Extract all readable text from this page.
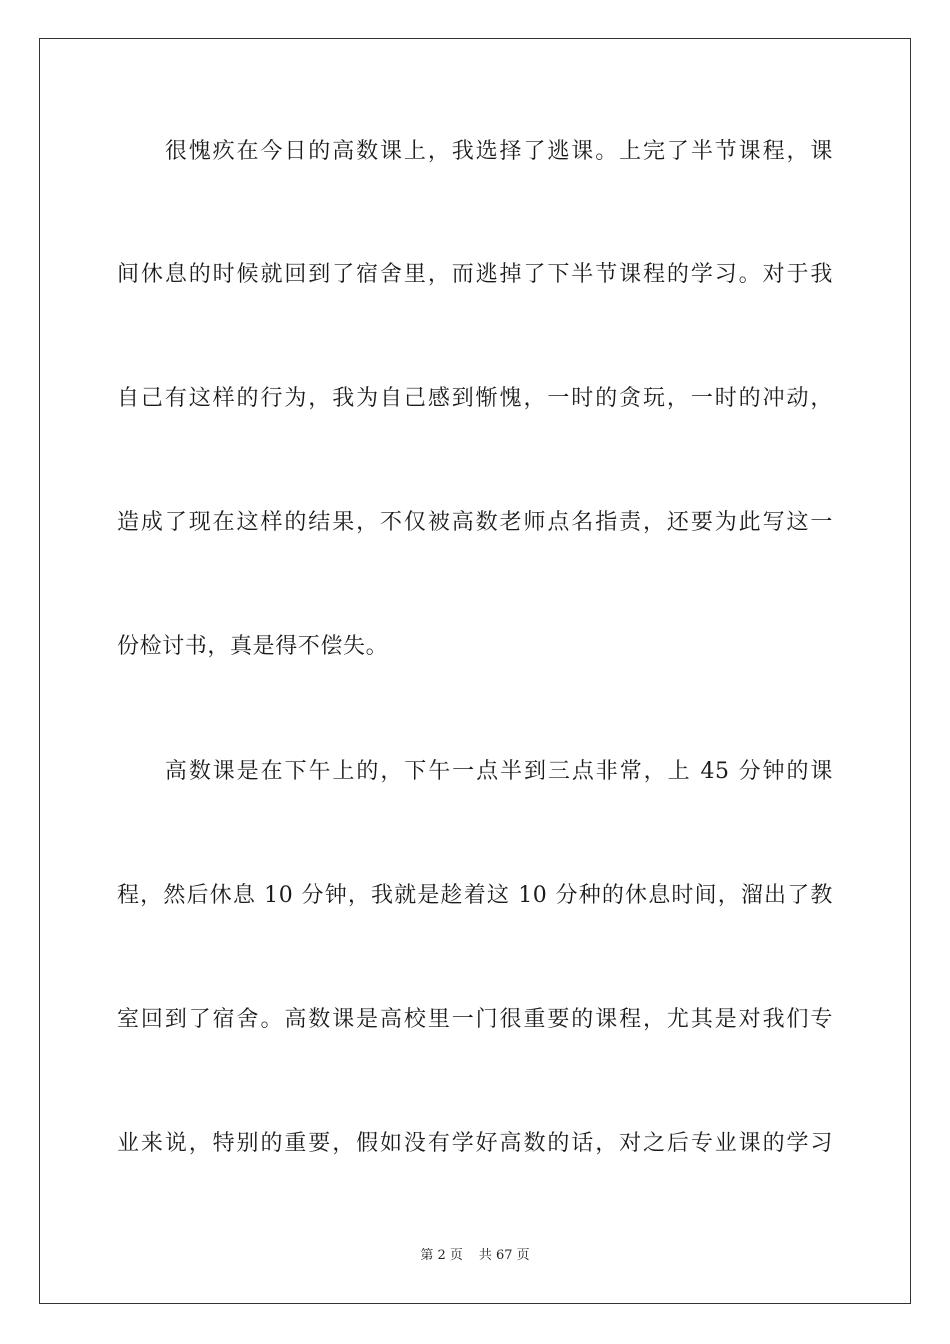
　　很愧疚在今日的高数课上，我选择了逃课。上完了半节课程，课
间休息的时候就回到了宿舍里，而逃掉了下半节课程的学习。对于我
自己有这样的行为，我为自己感到惭愧，一时的贪玩，一时的冲动，
造成了现在这样的结果，不仅被高数老师点名指责，还要为此写这一
份检讨书，真是得不偿失。
　　高数课是在下午上的，下午一点半到三点非常，上 45 分钟的课
程，然后休息 10 分钟，我就是趁着这 10 分种的休息时间，溜出了教
室回到了宿舍。高数课是高校里一门很重要的课程，尤其是对我们专
业来说，特别的重要，假如没有学好高数的话，对之后专业课的学习
第 2 页 共 67 页
